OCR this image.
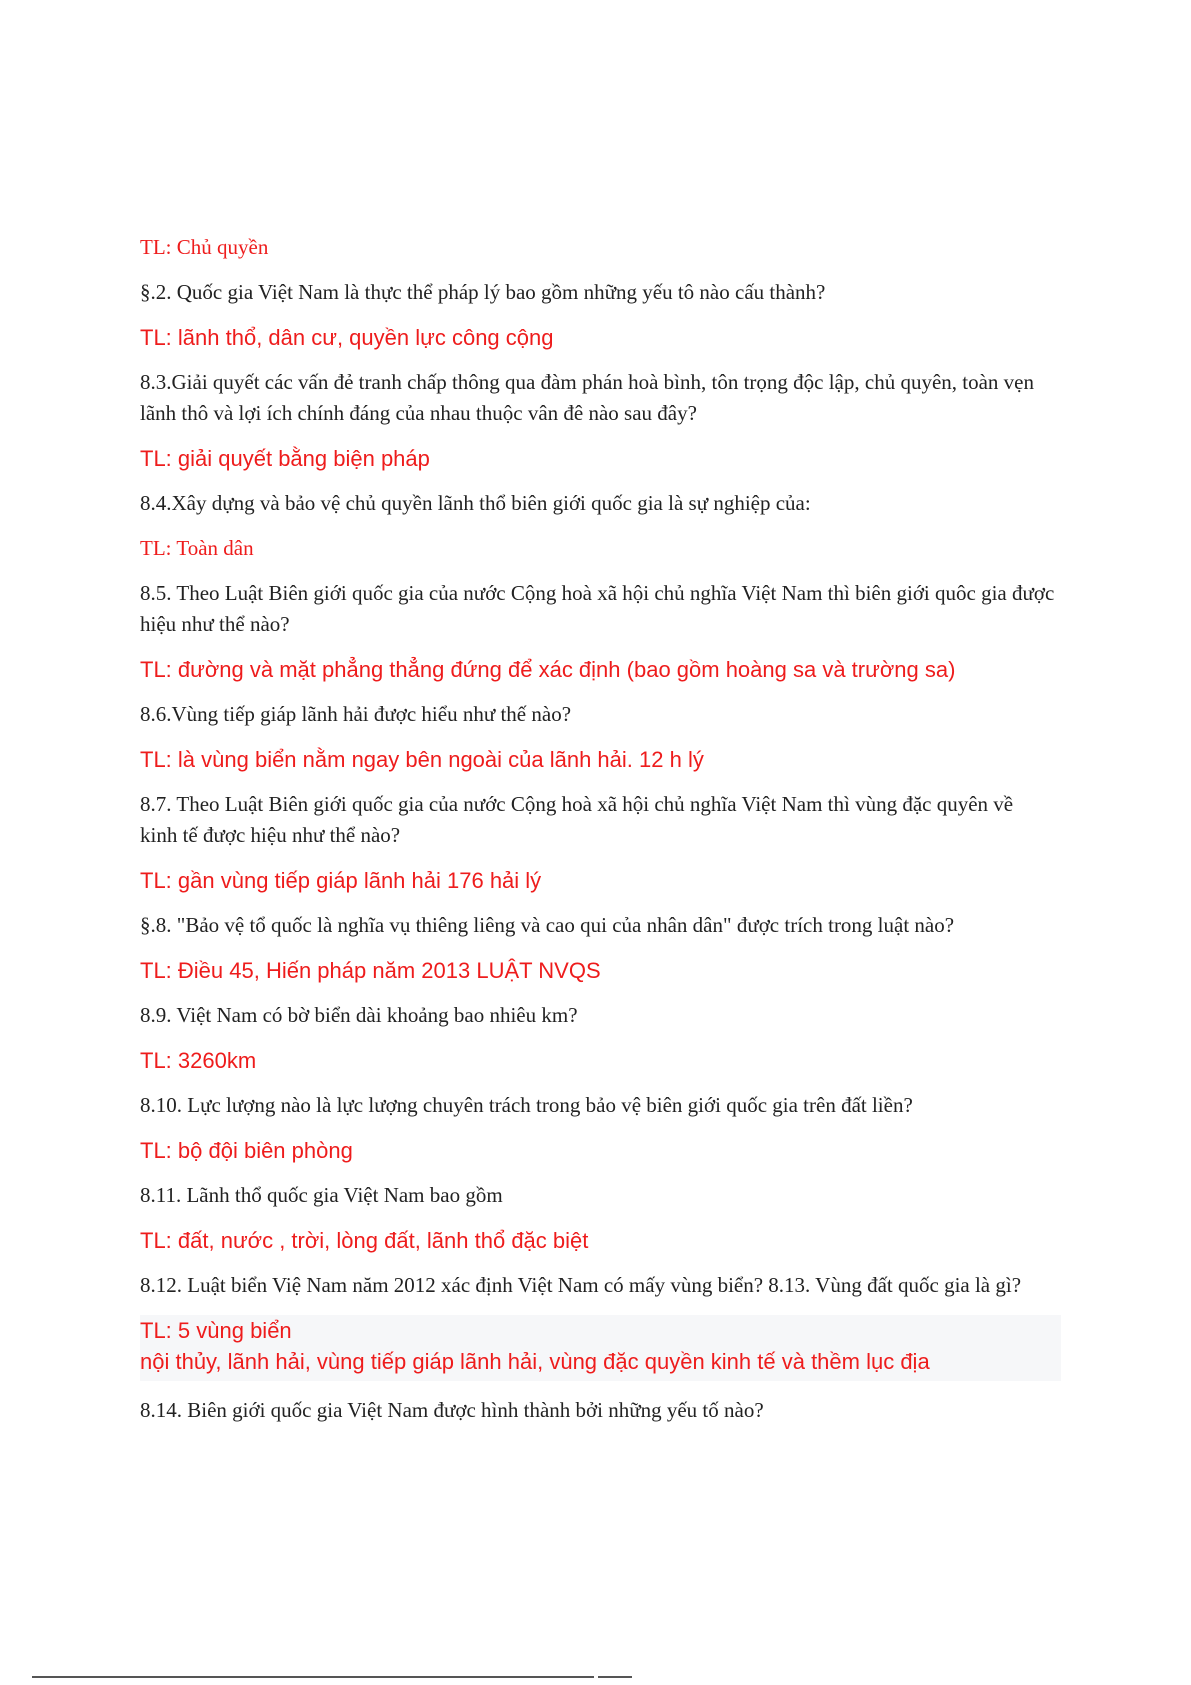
TL: Chủ quyền

§.2. Quốc gia Việt Nam là thực thể pháp lý bao gồm những yếu tô nào cấu thành?

TL: lãnh thổ, dân cư, quyền lực công cộng

8.3.Giải quyết các vấn đẻ tranh chấp thông qua đàm phán hoà bình, tôn trọng độc lập, chủ quyên, toàn vẹn lãnh thô và lợi ích chính đáng của nhau thuộc vân đê nào sau đây?

TL: giải quyết bằng biện pháp

8.4.Xây dựng và bảo vệ chủ quyền lãnh thổ biên giới quốc gia là sự nghiệp của:

TL: Toàn dân

8.5. Theo Luật Biên giới quốc gia của nước Cộng hoà xã hội chủ nghĩa Việt Nam thì biên giới quôc gia được hiệu như thể nào?

TL: đường và mặt phẳng thẳng đứng để xác định (bao gồm hoàng sa và trường sa)

8.6.Vùng tiếp giáp lãnh hải được hiểu như thế nào?

TL: là vùng biển nằm ngay bên ngoài của lãnh hải. 12 h lý

8.7. Theo Luật Biên giới quốc gia của nước Cộng hoà xã hội chủ nghĩa Việt Nam thì vùng đặc quyên về kinh tế được hiệu như thể nào?

TL: gần vùng tiếp giáp lãnh hải 176 hải lý

§.8. "Bảo vệ tổ quốc là nghĩa vụ thiêng liêng và cao qui của nhân dân" được trích trong luật nào?

TL: Điều 45, Hiến pháp năm 2013 LUẬT NVQS

8.9. Việt Nam có bờ biển dài khoảng bao nhiêu km?

TL: 3260km

8.10. Lực lượng nào là lực lượng chuyên trách trong bảo vệ biên giới quốc gia trên đất liền?

TL: bộ đội biên phòng

8.11. Lãnh thổ quốc gia Việt Nam bao gồm

TL: đất, nước , trời, lòng đất, lãnh thổ đặc biệt

8.12. Luật biển Việ Nam năm 2012 xác định Việt Nam có mấy vùng biển? 8.13. Vùng đất quốc gia là gì?

TL: 5 vùng biển
nội thủy, lãnh hải, vùng tiếp giáp lãnh hải, vùng đặc quyền kinh tế và thềm lục địa

8.14. Biên giới quốc gia Việt Nam được hình thành bởi những yếu tố nào?
